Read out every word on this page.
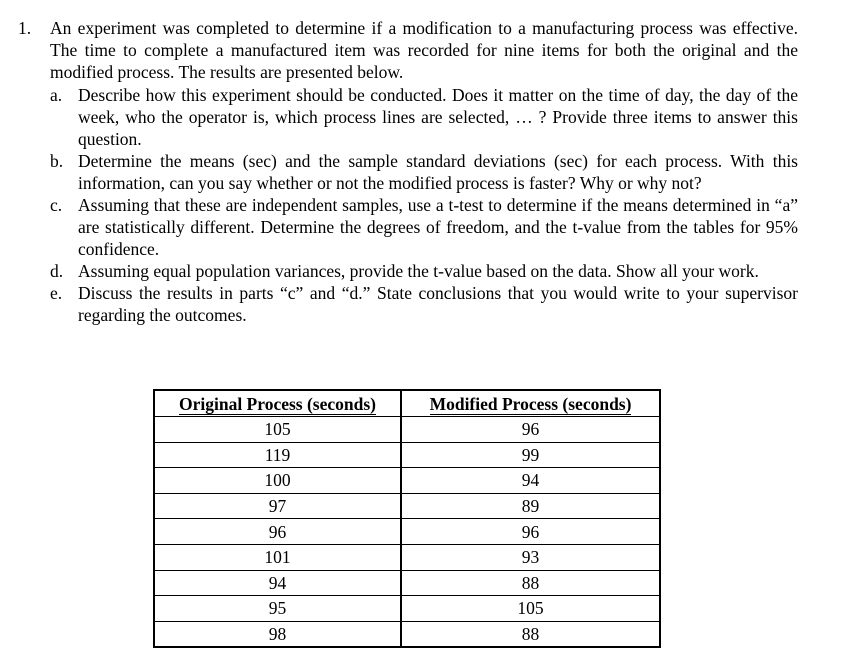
1. An experiment was completed to determine if a modification to a manufacturing process was effective. The time to complete a manufactured item was recorded for nine items for both the original and the modified process. The results are presented below.
a. Describe how this experiment should be conducted. Does it matter on the time of day, the day of the week, who the operator is, which process lines are selected, … ? Provide three items to answer this question.
b. Determine the means (sec) and the sample standard deviations (sec) for each process. With this information, can you say whether or not the modified process is faster? Why or why not?
c. Assuming that these are independent samples, use a t-test to determine if the means determined in “a” are statistically different. Determine the degrees of freedom, and the t-value from the tables for 95% confidence.
d. Assuming equal population variances, provide the t-value based on the data. Show all your work.
e. Discuss the results in parts “c” and “d.” State conclusions that you would write to your supervisor regarding the outcomes.
Original Process (seconds)	Modified Process (seconds)
105	96
119	99
100	94
97	89
96	96
101	93
94	88
95	105
98	88
